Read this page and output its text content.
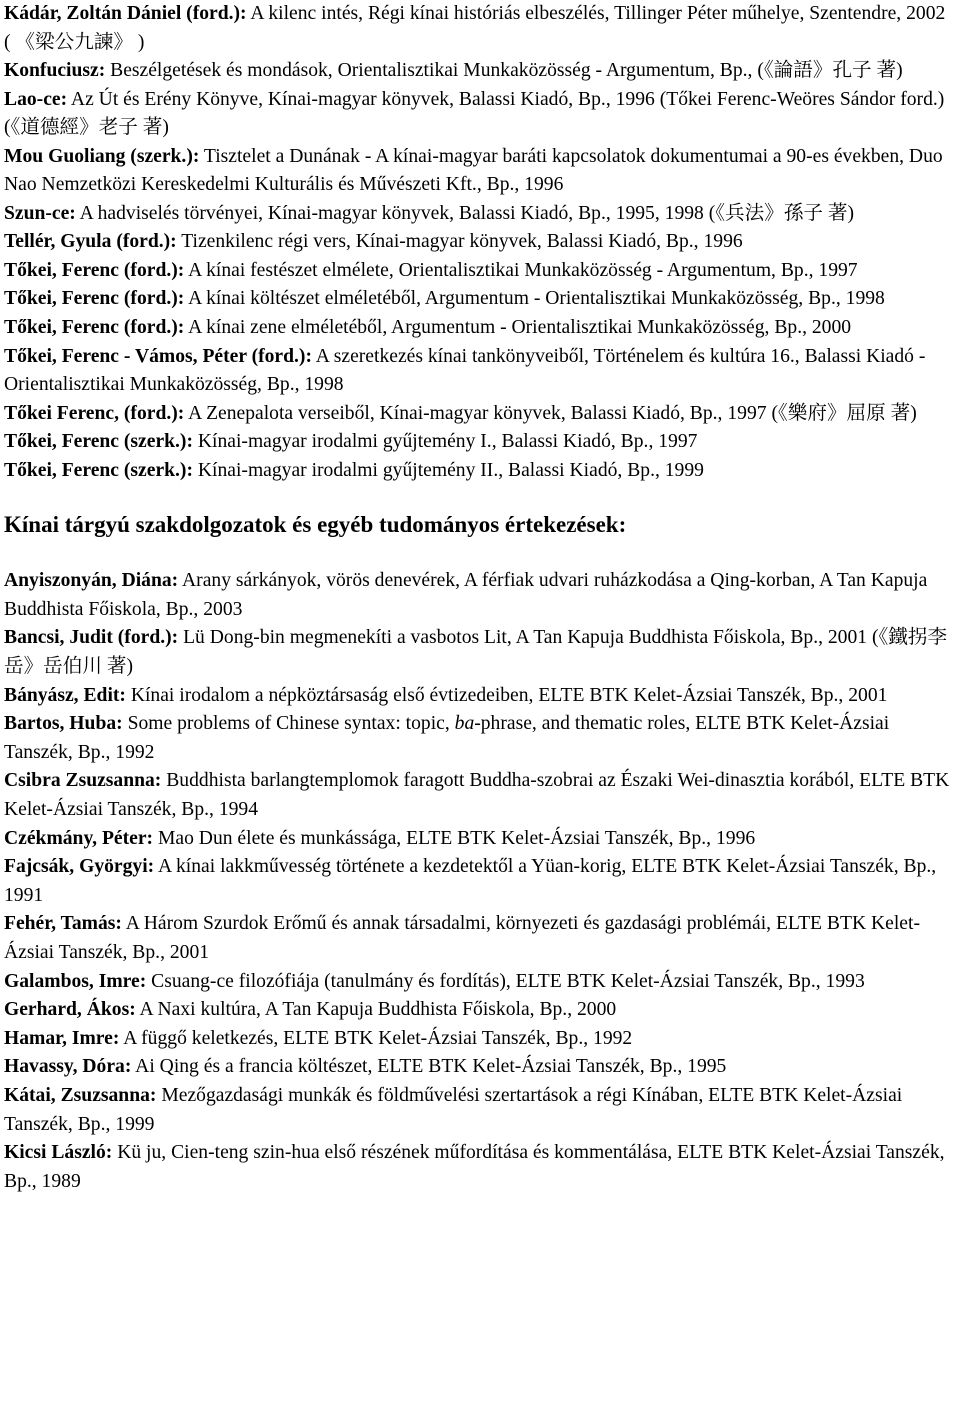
Kádár, Zoltán Dániel (ford.): A kilenc intés, Régi kínai históriás elbeszélés, Tillinger Péter műhelye, Szentendre, 2002 ( 《梁公九諫》 )
Konfuciusz: Beszélgetések és mondások, Orientalisztikai Munkaközösség - Argumentum, Bp., (《論語》孔子 著)
Lao-ce: Az Út és Erény Könyve, Kínai-magyar könyvek, Balassi Kiadó, Bp., 1996 (Tőkei Ferenc-Weöres Sándor ford.) (《道德經》老子 著)
Mou Guoliang (szerk.): Tisztelet a Dunának - A kínai-magyar baráti kapcsolatok dokumentumai a 90-es években, Duo Nao Nemzetközi Kereskedelmi Kulturális és Művészeti Kft., Bp., 1996
Szun-ce: A hadviselés törvényei, Kínai-magyar könyvek, Balassi Kiadó, Bp., 1995, 1998 (《兵法》孫子 著)
Tellér, Gyula (ford.): Tizenkilenc régi vers, Kínai-magyar könyvek, Balassi Kiadó, Bp., 1996
Tőkei, Ferenc (ford.): A kínai festészet elmélete, Orientalisztikai Munkaközösség - Argumentum, Bp., 1997
Tőkei, Ferenc (ford.): A kínai költészet elméletéből, Argumentum - Orientalisztikai Munkaközösség, Bp., 1998
Tőkei, Ferenc (ford.): A kínai zene elméletéből, Argumentum - Orientalisztikai Munkaközösség, Bp., 2000
Tőkei, Ferenc - Vámos, Péter (ford.): A szeretkezés kínai tankönyveiből, Történelem és kultúra 16., Balassi Kiadó - Orientalisztikai Munkaközösség, Bp., 1998
Tőkei Ferenc, (ford.): A Zenepalota verseiből, Kínai-magyar könyvek, Balassi Kiadó, Bp., 1997 (《樂府》屈原 著)
Tőkei, Ferenc (szerk.): Kínai-magyar irodalmi gyűjtemény I., Balassi Kiadó, Bp., 1997
Tőkei, Ferenc (szerk.): Kínai-magyar irodalmi gyűjtemény II., Balassi Kiadó, Bp., 1999
Kínai tárgyú szakdolgozatok és egyéb tudományos értekezések:
Anyiszonyán, Diána: Arany sárkányok, vörös denevérek, A férfiak udvari ruházkodása a Qing-korban, A Tan Kapuja Buddhista Főiskola, Bp., 2003
Bancsi, Judit (ford.): Lü Dong-bin megmenekíti a vasbotos Lit, A Tan Kapuja Buddhista Főiskola, Bp., 2001 (《鐵拐李岳》岳伯川 著)
Bányász, Edit: Kínai irodalom a népköztársaság első évtizedeiben, ELTE BTK Kelet-Ázsiai Tanszék, Bp., 2001
Bartos, Huba: Some problems of Chinese syntax: topic, ba-phrase, and thematic roles, ELTE BTK Kelet-Ázsiai Tanszék, Bp., 1992
Csibra Zsuzsanna: Buddhista barlangtemplomok faragott Buddha-szobrai az Északi Wei-dinasztia korából, ELTE BTK Kelet-Ázsiai Tanszék, Bp., 1994
Czékmány, Péter: Mao Dun élete és munkássága, ELTE BTK Kelet-Ázsiai Tanszék, Bp., 1996
Fajcsák, Györgyi: A kínai lakkművesség története a kezdetektől a Yüan-korig, ELTE BTK Kelet-Ázsiai Tanszék, Bp., 1991
Fehér, Tamás: A Három Szurdok Erőmű és annak társadalmi, környezeti és gazdasági problémái, ELTE BTK Kelet-Ázsiai Tanszék, Bp., 2001
Galambos, Imre: Csuang-ce filozófiája (tanulmány és fordítás), ELTE BTK Kelet-Ázsiai Tanszék, Bp., 1993
Gerhard, Ákos: A Naxi kultúra, A Tan Kapuja Buddhista Főiskola, Bp., 2000
Hamar, Imre: A függő keletkezés, ELTE BTK Kelet-Ázsiai Tanszék, Bp., 1992
Havassy, Dóra: Ai Qing és a francia költészet, ELTE BTK Kelet-Ázsiai Tanszék, Bp., 1995
Kátai, Zsuzsanna: Mezőgazdasági munkák és földművelési szertartások a régi Kínában, ELTE BTK Kelet-Ázsiai Tanszék, Bp., 1999
Kicsi László: Kü ju, Cien-teng szin-hua első részének műfordítása és kommentálása, ELTE BTK Kelet-Ázsiai Tanszék, Bp., 1989
